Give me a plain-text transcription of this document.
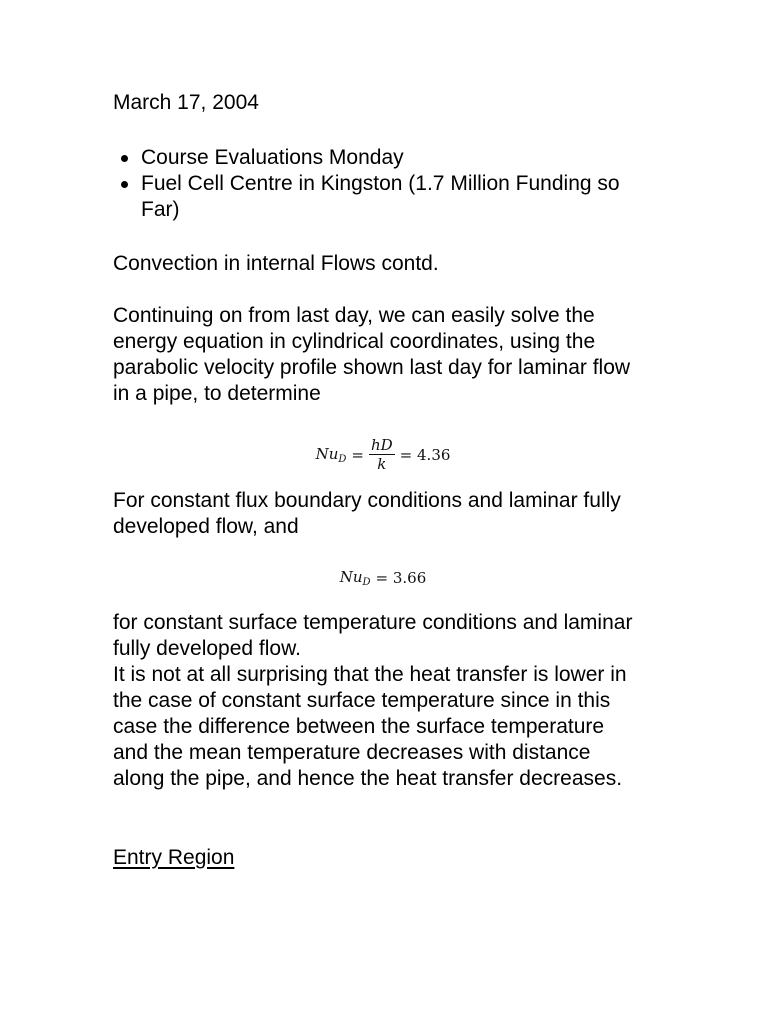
March 17, 2004

Course Evaluations Monday
Fuel Cell Centre in Kingston (1.7 Million Funding so Far)

Convection in internal Flows contd.

Continuing on from last day, we can easily solve the energy equation in cylindrical coordinates, using the parabolic velocity profile shown last day for laminar flow in a pipe, to determine

$Nu_D = \frac{hD}{k} = 4.36$

For constant flux boundary conditions and laminar fully developed flow, and

$Nu_D = 3.66$

for constant surface temperature conditions and laminar fully developed flow.

It is not at all surprising that the heat transfer is lower in the case of constant surface temperature since in this case the difference between the surface temperature and the mean temperature decreases with distance along the pipe, and hence the heat transfer decreases.

Entry Region
